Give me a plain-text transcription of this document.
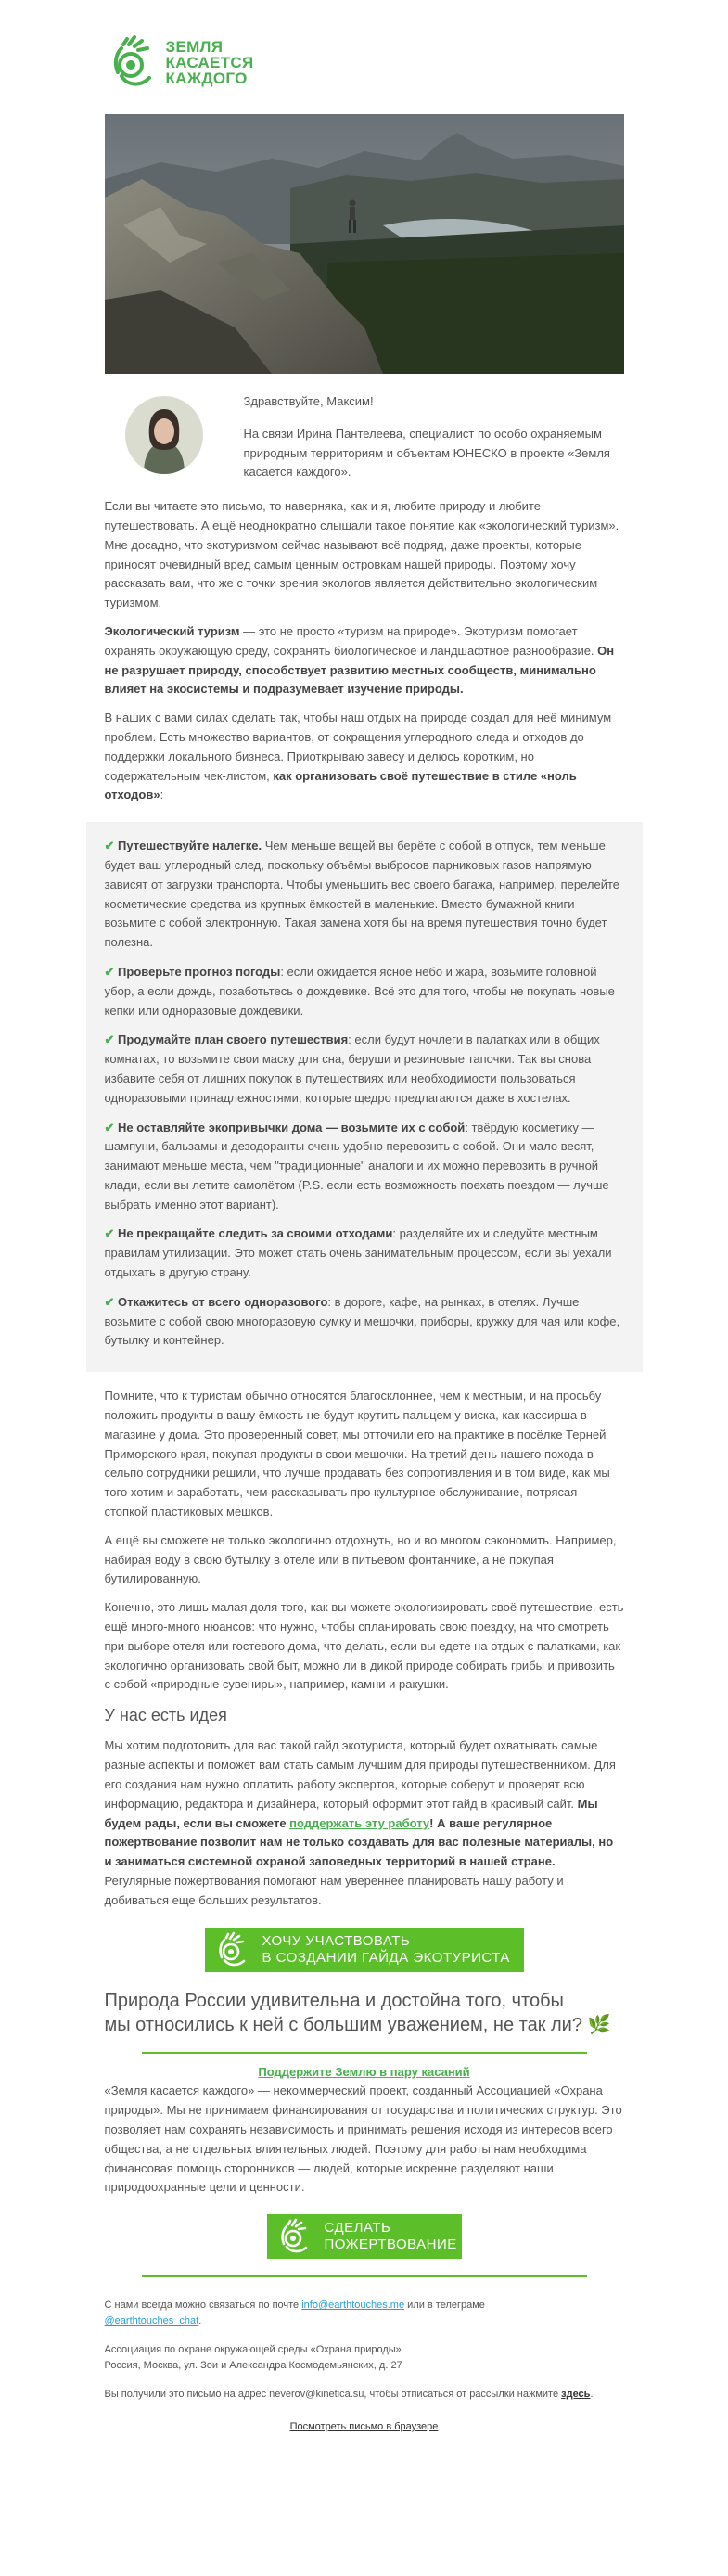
ЗЕМЛЯ
КАСАЕТСЯ
КАЖДОГО

Здравствуйте, Максим!

На связи Ирина Пантелеева, специалист по особо охраняемым природным территориям и объектам ЮНЕСКО в проекте «Земля касается каждого».

Если вы читаете это письмо, то наверняка, как и я, любите природу и любите путешествовать. А ещё неоднократно слышали такое понятие как «экологический туризм». Мне досадно, что экотуризмом сейчас называют всё подряд, даже проекты, которые приносят очевидный вред самым ценным островкам нашей природы. Поэтому хочу рассказать вам, что же с точки зрения экологов является действительно экологическим туризмом.

Экологический туризм — это не просто «туризм на природе». Экотуризм помогает охранять окружающую среду, сохранять биологическое и ландшафтное разнообразие. Он не разрушает природу, способствует развитию местных сообществ, минимально влияет на экосистемы и подразумевает изучение природы.

В наших с вами силах сделать так, чтобы наш отдых на природе создал для неё минимум проблем. Есть множество вариантов, от сокращения углеродного следа и отходов до поддержки локального бизнеса. Приоткрываю завесу и делюсь коротким, но содержательным чек-листом, как организовать своё путешествие в стиле «ноль отходов»:

✔ Путешествуйте налегке. Чем меньше вещей вы берёте с собой в отпуск, тем меньше будет ваш углеродный след, поскольку объёмы выбросов парниковых газов напрямую зависят от загрузки транспорта. Чтобы уменьшить вес своего багажа, например, перелейте косметические средства из крупных ёмкостей в маленькие. Вместо бумажной книги возьмите с собой электронную. Такая замена хотя бы на время путешествия точно будет полезна.

✔ Проверьте прогноз погоды: если ожидается ясное небо и жара, возьмите головной убор, а если дождь, позаботьтесь о дождевике. Всё это для того, чтобы не покупать новые кепки или одноразовые дождевики.

✔ Продумайте план своего путешествия: если будут ночлеги в палатках или в общих комнатах, то возьмите свои маску для сна, беруши и резиновые тапочки. Так вы снова избавите себя от лишних покупок в путешествиях или необходимости пользоваться одноразовыми принадлежностями, которые щедро предлагаются даже в хостелах.

✔ Не оставляйте экопривычки дома — возьмите их с собой: твёрдую косметику — шампуни, бальзамы и дезодоранты очень удобно перевозить с собой. Они мало весят, занимают меньше места, чем "традиционные" аналоги и их можно перевозить в ручной клади, если вы летите самолётом (P.S. если есть возможность поехать поездом — лучше выбрать именно этот вариант).

✔ Не прекращайте следить за своими отходами: разделяйте их и следуйте местным правилам утилизации. Это может стать очень занимательным процессом, если вы уехали отдыхать в другую страну.

✔ Откажитесь от всего одноразового: в дороге, кафе, на рынках, в отелях. Лучше возьмите с собой свою многоразовую сумку и мешочки, приборы, кружку для чая или кофе, бутылку и контейнер.

Помните, что к туристам обычно относятся благосклоннее, чем к местным, и на просьбу положить продукты в вашу ёмкость не будут крутить пальцем у виска, как кассирша в магазине у дома. Это проверенный совет, мы отточили его на практике в посёлке Терней Приморского края, покупая продукты в свои мешочки. На третий день нашего похода в сельпо сотрудники решили, что лучше продавать без сопротивления и в том виде, как мы того хотим и заработать, чем рассказывать про культурное обслуживание, потрясая стопкой пластиковых мешков.

А ещё вы сможете не только экологично отдохнуть, но и во многом сэкономить. Например, набирая воду в свою бутылку в отеле или в питьевом фонтанчике, а не покупая бутилированную.

Конечно, это лишь малая доля того, как вы можете экологизировать своё путешествие, есть ещё много-много нюансов: что нужно, чтобы спланировать свою поездку, на что смотреть при выборе отеля или гостевого дома, что делать, если вы едете на отдых с палатками, как экологично организовать свой быт, можно ли в дикой природе собирать грибы и привозить с собой «природные сувениры», например, камни и ракушки.

У нас есть идея

Мы хотим подготовить для вас такой гайд экотуриста, который будет охватывать самые разные аспекты и поможет вам стать самым лучшим для природы путешественником. Для его создания нам нужно оплатить работу экспертов, которые соберут и проверят всю информацию, редактора и дизайнера, который оформит этот гайд в красивый сайт. Мы будем рады, если вы сможете поддержать эту работу! А ваше регулярное пожертвование позволит нам не только создавать для вас полезные материалы, но и заниматься системной охраной заповедных территорий в нашей стране. Регулярные пожертвования помогают нам увереннее планировать нашу работу и добиваться еще больших результатов.

ХОЧУ УЧАСТВОВАТЬ
В СОЗДАНИИ ГАЙДА ЭКОТУРИСТА
Природа России удивительна и достойна того, чтобы
мы относились к ней с большим уважением, не так ли? 🌿

Поддержите Землю в пару касаний

«Земля касается каждого» — некоммерческий проект, созданный Ассоциацией «Охрана природы». Мы не принимаем финансирования от государства и политических структур. Это позволяет нам сохранять независимость и принимать решения исходя из интересов всего общества, а не отдельных влиятельных людей. Поэтому для работы нам необходима финансовая помощь сторонников — людей, которые искренне разделяют наши природоохранные цели и ценности.

СДЕЛАТЬ
ПОЖЕРТВОВАНИЕ

С нами всегда можно связаться по почте info@earthtouches.me или в телеграме
@earthtouches_chat.

Ассоциация по охране окружающей среды «Охрана природы»
Россия, Москва, ул. Зои и Александра Космодемьянских, д. 27

Вы получили это письмо на адрес neverov@kinetica.su, чтобы отписаться от рассылки нажмите здесь.

Посмотреть письмо в браузере
